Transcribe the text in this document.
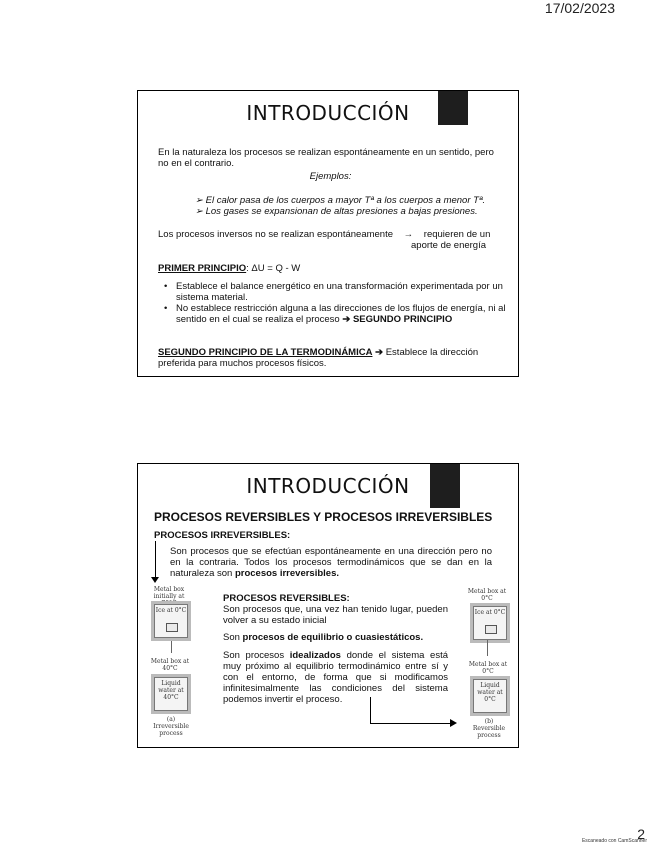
17/02/2023
INTRODUCCIÓN
En la naturaleza los procesos se realizan espontáneamente en un sentido, pero no en el contrario.
Ejemplos:
➢ El calor pasa de los cuerpos a mayor Tª a los cuerpos a menor Tª.
➢ Los gases se expansionan de altas presiones a bajas presiones.
Los procesos inversos no se realizan espontáneamente → requieren de un
aporte de energía
PRIMER PRINCIPIO: ΔU = Q - W
• Establece el balance energético en una transformación experimentada por un sistema material.
• No establece restricción alguna a las direcciones de los flujos de energía, ni al sentido en el cual se realiza el proceso ➔ SEGUNDO PRINCIPIO
SEGUNDO PRINCIPIO DE LA TERMODINÁMICA ➔ Establece la dirección preferida para muchos procesos físicos.
INTRODUCCIÓN
PROCESOS REVERSIBLES Y PROCESOS IRREVERSIBLES
PROCESOS IRREVERSIBLES:
Son procesos que se efectúan espontáneamente en una dirección pero no en la contraria. Todos los procesos termodinámicos que se dan en la naturaleza son procesos irreversibles.
Metal box initially at
Ice at 0°C
Metal box at 40°C
Liquid water at 40°C
(a) Irreversible process
PROCESOS REVERSIBLES:
Son procesos que, una vez han tenido lugar, pueden volver a su estado inicial
Son procesos de equilibrio o cuasiestáticos.
Son procesos idealizados donde el sistema está muy próximo al equilibrio termodinámico entre sí y con el entorno, de forma que si modificamos infinitesimalmente las condiciones del sistema podemos invertir el proceso.
Metal box at 0°C
Ice at 0°C
Metal box at 0°C
Liquid water at 0°C
(b) Reversible process
Escaneado con CamScanner
2
